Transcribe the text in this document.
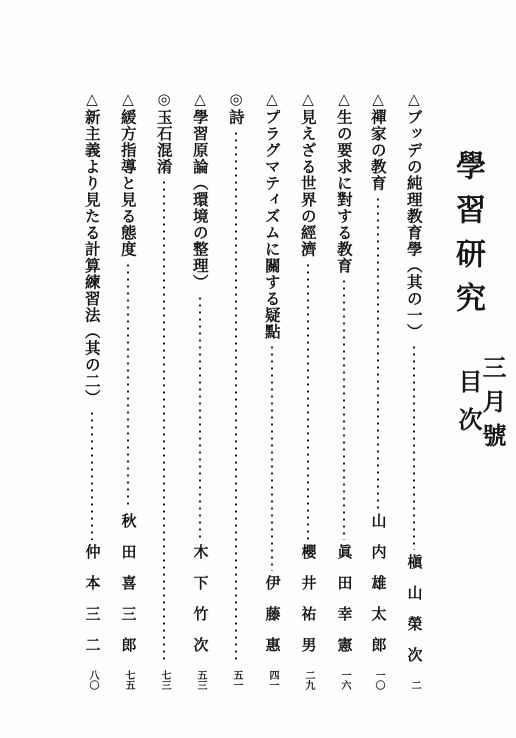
學習研究
三月號
目次
△
ブッデの純理教育學（其の一）
槇山榮次
二
△
禪家の教育
山内雄太郎
一〇
△
生の要求に對する教育
眞田幸憲
一六
△
見えざる世界の經濟
櫻井祐男
二九
△
プラグマティズムに關する疑點
伊藤惠
四一
◎
詩
五一
△
學習原論（環境の整理）
木下竹次
五三
◎
玉石混淆
七三
△
緩方指導と見る態度
秋田喜三郎
七五
△
新主義より見たる計算練習法（其の二）
仲本三二
八〇
